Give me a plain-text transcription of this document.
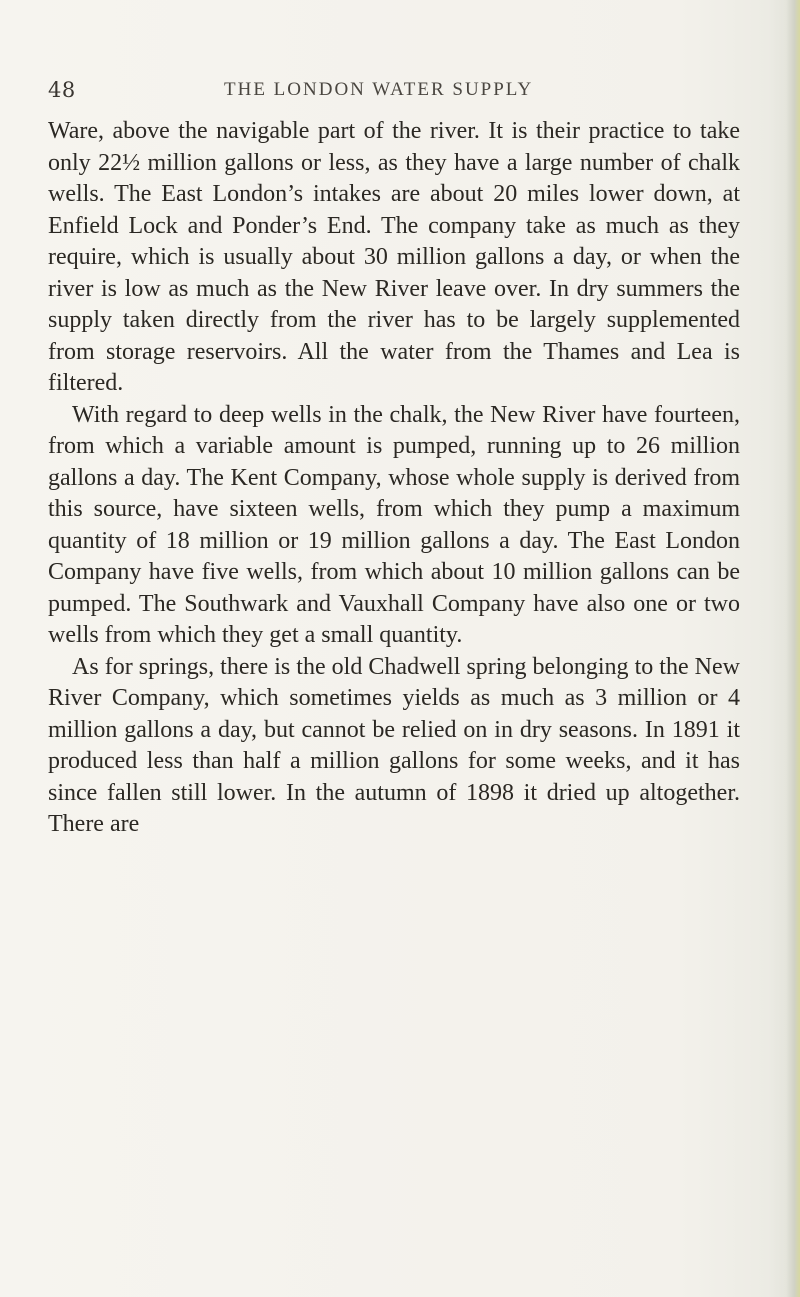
48	THE LONDON WATER SUPPLY

Ware, above the navigable part of the river. It is their practice to take only 22½ million gallons or less, as they have a large number of chalk wells. The East London’s intakes are about 20 miles lower down, at Enfield Lock and Ponder’s End. The company take as much as they require, which is usually about 30 million gallons a day, or when the river is low as much as the New River leave over. In dry summers the supply taken directly from the river has to be largely supplemented from storage reservoirs. All the water from the Thames and Lea is filtered.

With regard to deep wells in the chalk, the New River have fourteen, from which a variable amount is pumped, running up to 26 million gallons a day. The Kent Company, whose whole supply is derived from this source, have sixteen wells, from which they pump a maximum quantity of 18 million or 19 million gallons a day. The East London Company have five wells, from which about 10 million gallons can be pumped. The Southwark and Vauxhall Company have also one or two wells from which they get a small quantity.

As for springs, there is the old Chadwell spring belonging to the New River Company, which sometimes yields as much as 3 million or 4 million gallons a day, but cannot be relied on in dry seasons. In 1891 it produced less than half a million gallons for some weeks, and it has since fallen still lower. In the autumn of 1898 it dried up altogether. There are
